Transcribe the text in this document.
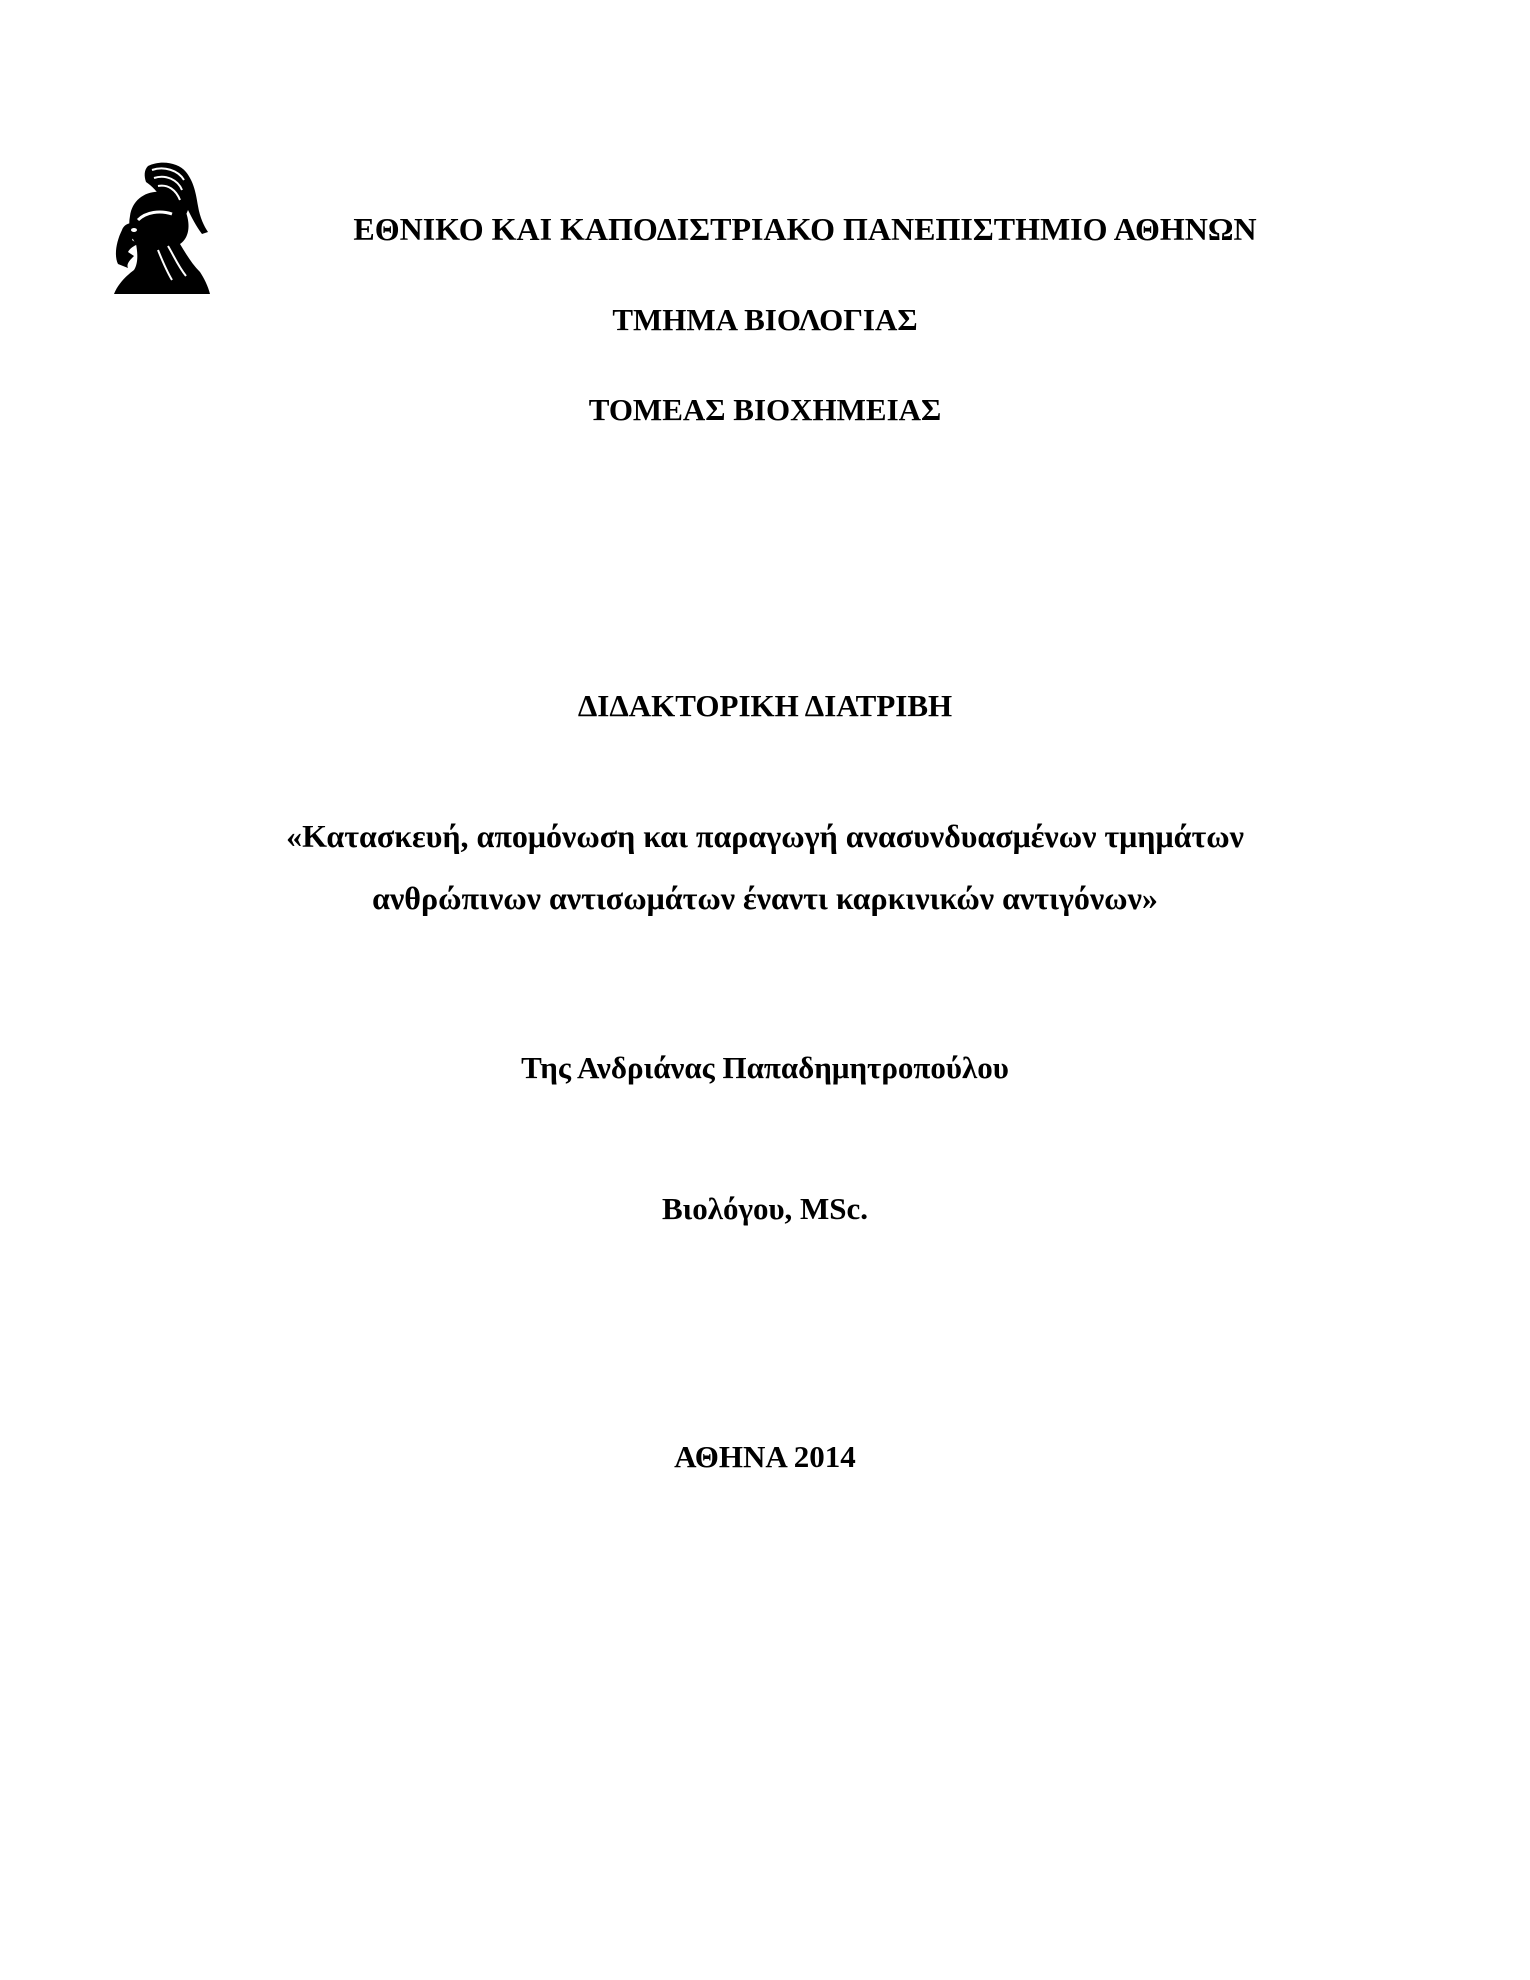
ΕΘΝΙΚΟ ΚΑΙ ΚΑΠΟΔΙΣΤΡΙΑΚΟ ΠΑΝΕΠΙΣΤΗΜΙΟ ΑΘΗΝΩΝ
ΤΜΗΜΑ ΒΙΟΛΟΓΙΑΣ
ΤΟΜΕΑΣ ΒΙΟΧΗΜΕΙΑΣ
ΔΙΔΑΚΤΟΡΙΚΗ ΔΙΑΤΡΙΒΗ
«Κατασκευή, απομόνωση και παραγωγή ανασυνδυασμένων τμημάτων
ανθρώπινων αντισωμάτων έναντι καρκινικών αντιγόνων»
Της Ανδριάνας Παπαδημητροπούλου
Βιολόγου, MSc.
ΑΘΗΝΑ 2014
